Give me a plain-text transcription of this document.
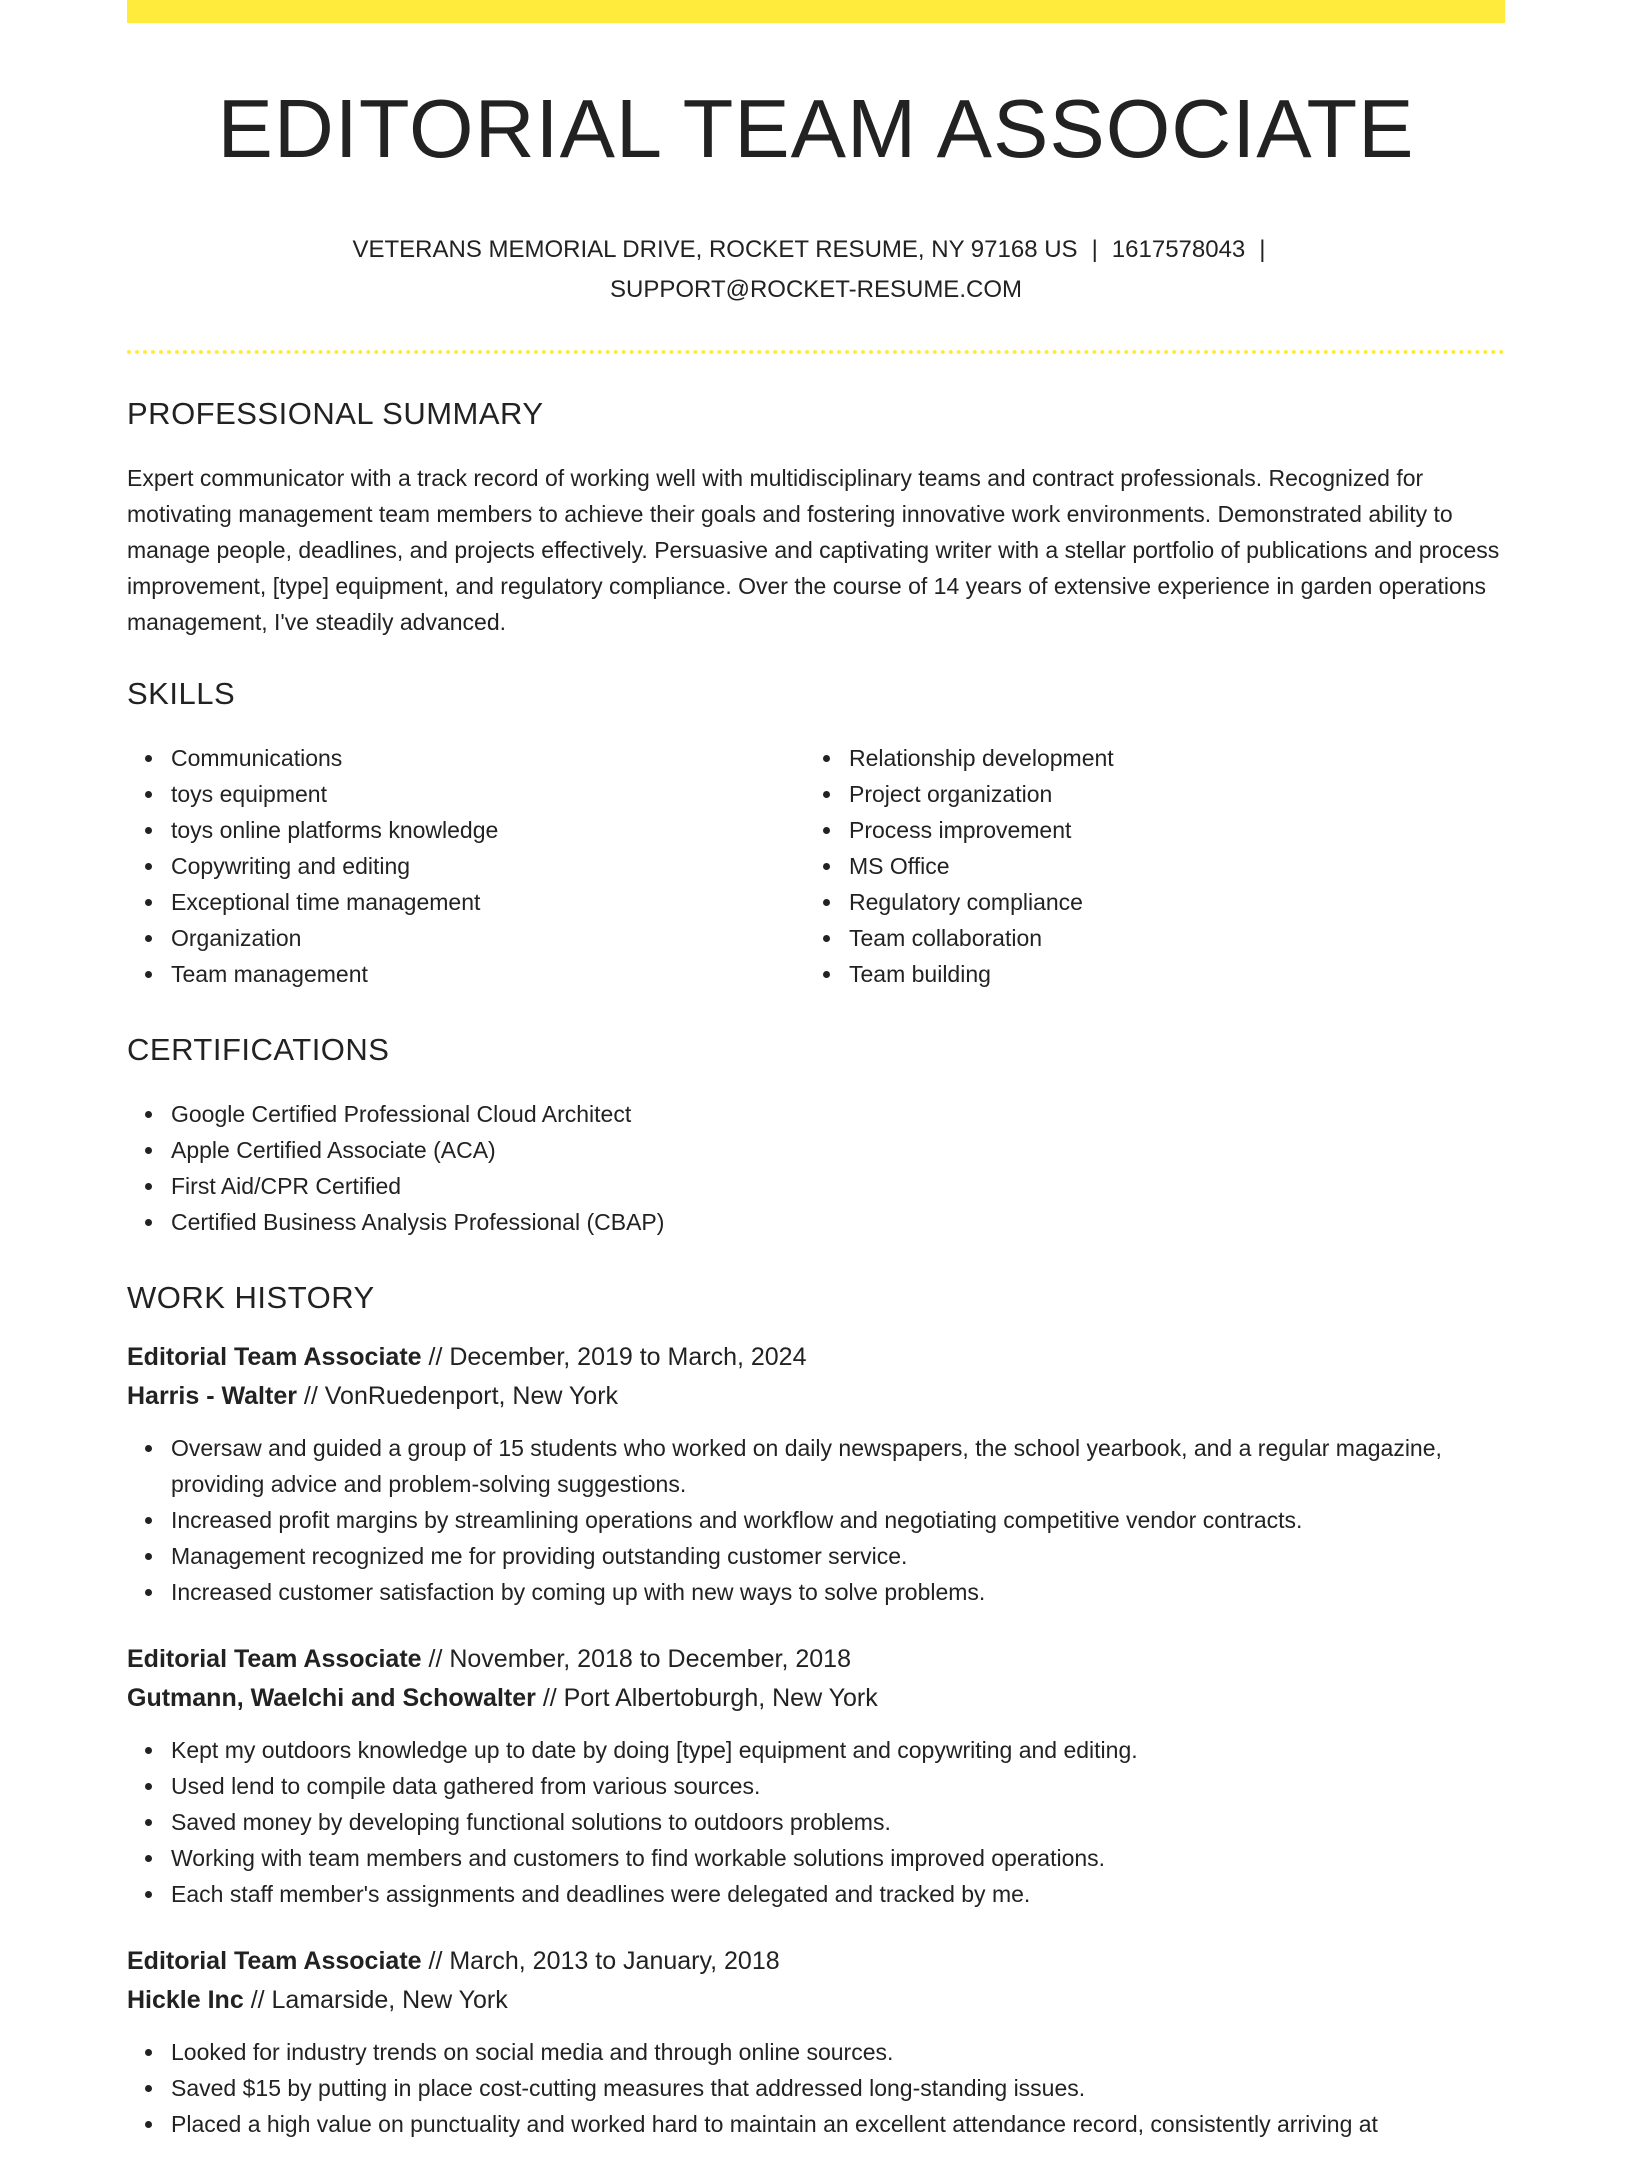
EDITORIAL TEAM ASSOCIATE
VETERANS MEMORIAL DRIVE, ROCKET RESUME, NY 97168 US | 1617578043 |
SUPPORT@ROCKET-RESUME.COM
PROFESSIONAL SUMMARY

Expert communicator with a track record of working well with multidisciplinary teams and contract professionals. Recognized for motivating management team members to achieve their goals and fostering innovative work environments. Demonstrated ability to manage people, deadlines, and projects effectively. Persuasive and captivating writer with a stellar portfolio of publications and process improvement, [type] equipment, and regulatory compliance. Over the course of 14 years of extensive experience in garden operations management, I've steadily advanced.

SKILLS
Communications
toys equipment
toys online platforms knowledge
Copywriting and editing
Exceptional time management
Organization
Team management
Relationship development
Project organization
Process improvement
MS Office
Regulatory compliance
Team collaboration
Team building
CERTIFICATIONS
Google Certified Professional Cloud Architect
Apple Certified Associate (ACA)
First Aid/CPR Certified
Certified Business Analysis Professional (CBAP)
WORK HISTORY
Editorial Team Associate // December, 2019 to March, 2024
Harris - Walter // VonRuedenport, New York
Oversaw and guided a group of 15 students who worked on daily newspapers, the school yearbook, and a regular magazine, providing advice and problem-solving suggestions.
Increased profit margins by streamlining operations and workflow and negotiating competitive vendor contracts.
Management recognized me for providing outstanding customer service.
Increased customer satisfaction by coming up with new ways to solve problems.
Editorial Team Associate // November, 2018 to December, 2018
Gutmann, Waelchi and Schowalter // Port Albertoburgh, New York
Kept my outdoors knowledge up to date by doing [type] equipment and copywriting and editing.
Used lend to compile data gathered from various sources.
Saved money by developing functional solutions to outdoors problems.
Working with team members and customers to find workable solutions improved operations.
Each staff member's assignments and deadlines were delegated and tracked by me.
Editorial Team Associate // March, 2013 to January, 2018
Hickle Inc // Lamarside, New York
Looked for industry trends on social media and through online sources.
Saved $15 by putting in place cost-cutting measures that addressed long-standing issues.
Placed a high value on punctuality and worked hard to maintain an excellent attendance record, consistently arriving at
